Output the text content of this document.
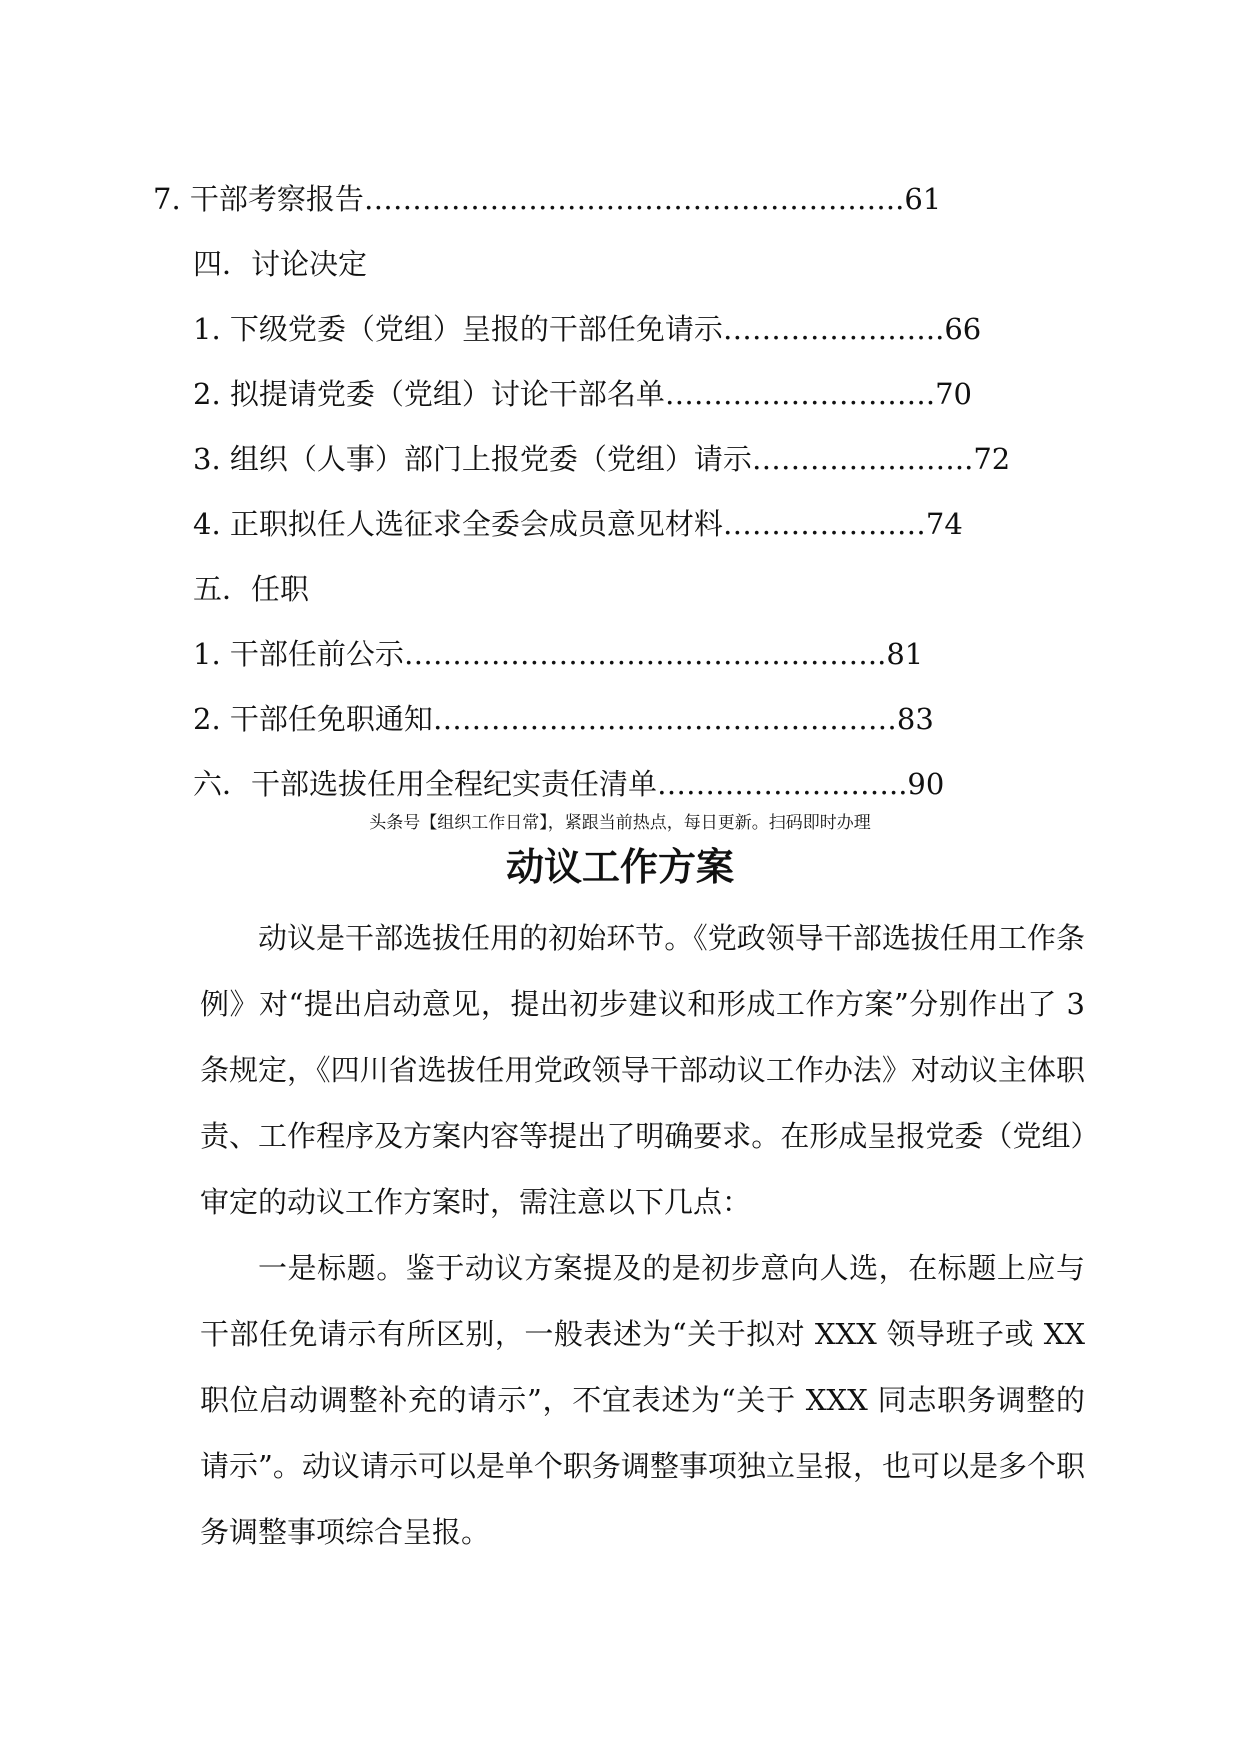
7. 干部考察报告………………………………………………..61
四．讨论决定
1. 下级党委（党组）呈报的干部任免请示…………………..66
2. 拟提请党委（党组）讨论干部名单……………………….70
3. 组织（人事）部门上报党委（党组）请示…………………..72
4. 正职拟任人选征求全委会成员意见材料…………………74
五．任职
1. 干部任前公示…………………………………………..81
2. 干部任免职通知…………………………………………83
六．干部选拔任用全程纪实责任清单……………………..90
头条号【组织工作日常】，紧跟当前热点，每日更新。扫码即时办理
动议工作方案

动议是干部选拔任用的初始环节。《党政领导干部选拔任用工作条例》对“提出启动意见，提出初步建议和形成工作方案”分别作出了 3 条规定，《四川省选拔任用党政领导干部动议工作办法》对动议主体职责、工作程序及方案内容等提出了明确要求。在形成呈报党委（党组）审定的动议工作方案时，需注意以下几点：

一是标题。鉴于动议方案提及的是初步意向人选，在标题上应与干部任免请示有所区别，一般表述为“关于拟对 XXX 领导班子或 XX 职位启动调整补充的请示”，不宜表述为“关于 XXX 同志职务调整的请示”。动议请示可以是单个职务调整事项独立呈报，也可以是多个职务调整事项综合呈报。
